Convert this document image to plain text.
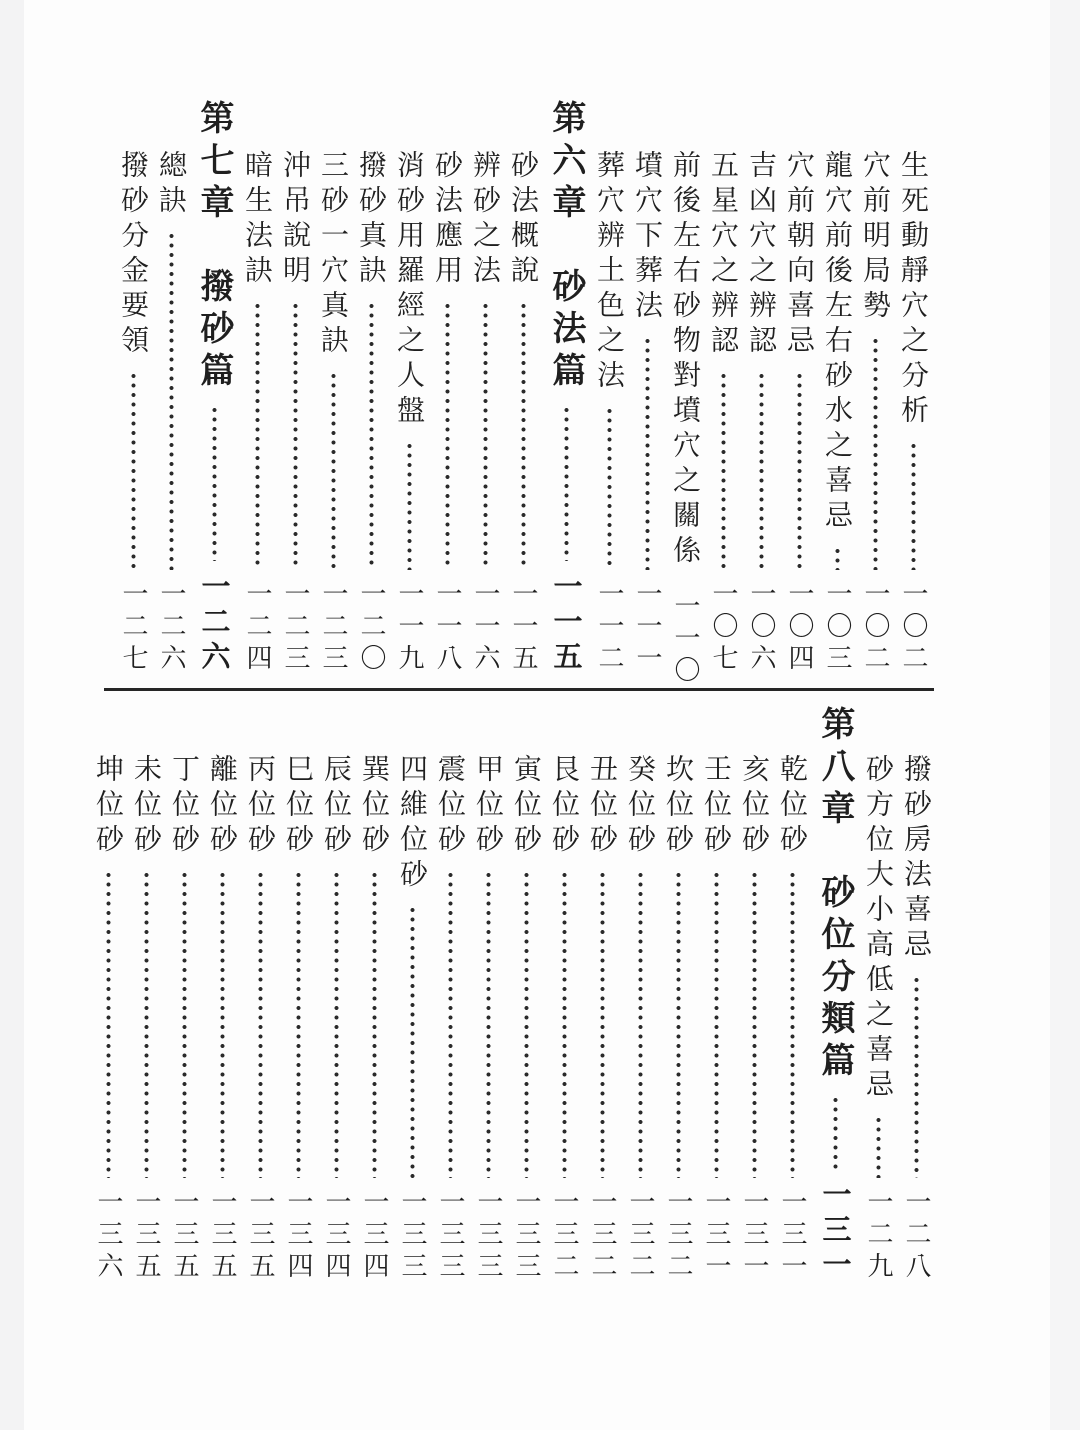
生死動靜穴之分析
一〇二
穴前明局勢
一〇二
龍穴前後左右砂水之喜忌
一〇三
穴前朝向喜忌
一〇四
吉凶穴之辨認
一〇六
五星穴之辨認
一〇七
前後左右砂物對墳穴之關係
一一〇
墳穴下葬法
一一一
葬穴辨土色之法
一一二
第六章　砂法篇
一一五
砂法概說
一一五
辨砂之法
一一六
砂法應用
一一八
消砂用羅經之人盤
一一九
撥砂真訣
一二〇
三砂一穴真訣
一二三
沖吊說明
一二三
暗生法訣
一二四
第七章　撥砂篇
一二六
總訣
一二六
撥砂分金要領
一二七
撥砂房法喜忌
一二八
砂方位大小高低之喜忌
一二九
第八章　砂位分類篇
一三一
乾位砂
一三一
亥位砂
一三一
壬位砂
一三一
坎位砂
一三二
癸位砂
一三二
丑位砂
一三二
艮位砂
一三二
寅位砂
一三三
甲位砂
一三三
震位砂
一三三
四維位砂
一三三
巽位砂
一三四
辰位砂
一三四
巳位砂
一三四
丙位砂
一三五
離位砂
一三五
丁位砂
一三五
未位砂
一三五
坤位砂
一三六
